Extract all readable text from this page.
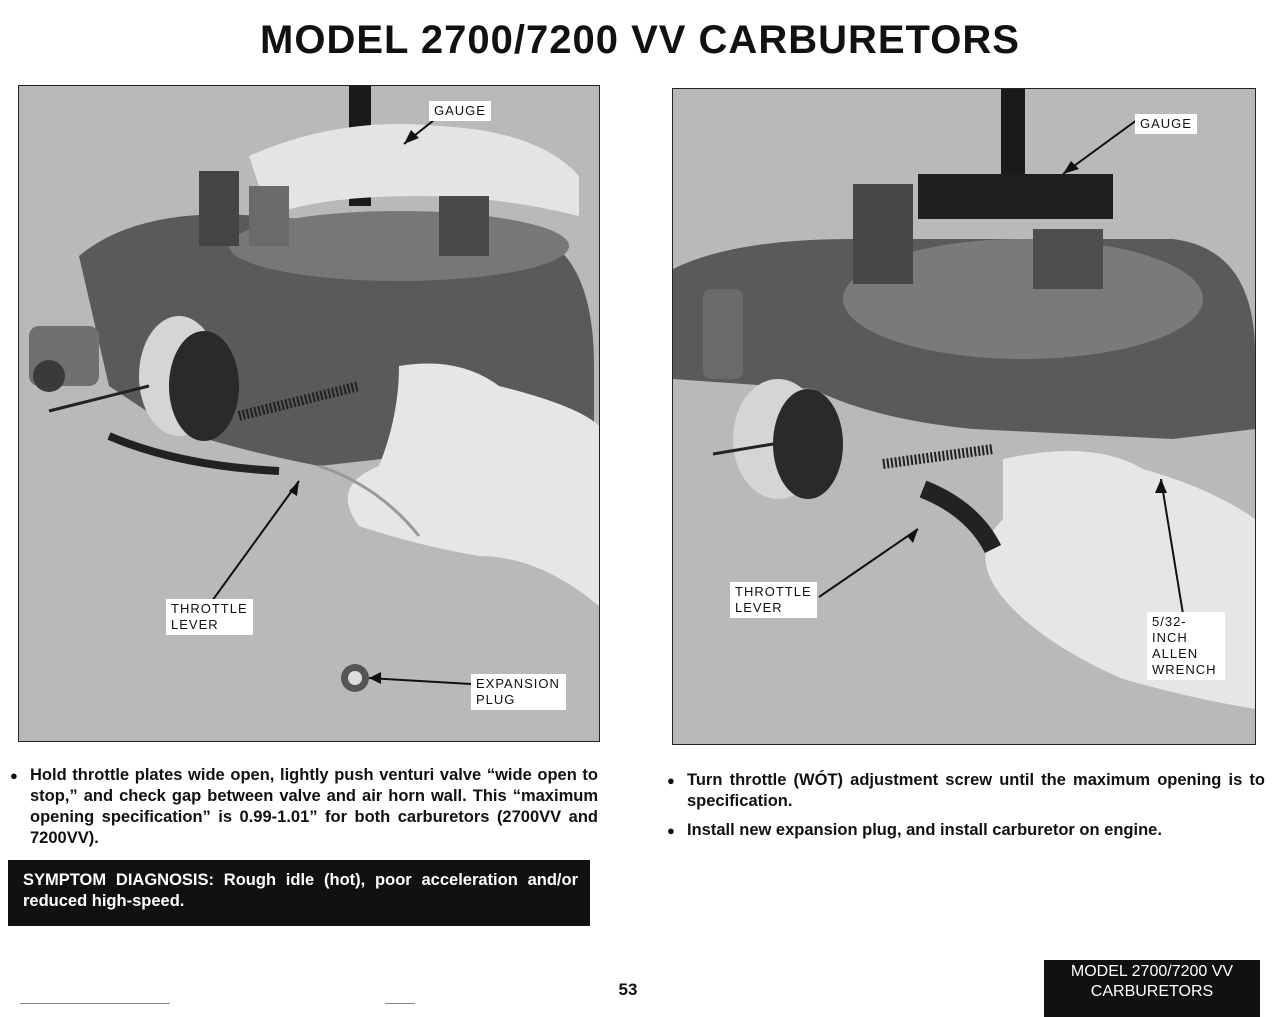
MODEL 2700/7200 VV CARBURETORS
GAUGE
THROTTLE
LEVER
EXPANSION
PLUG
GAUGE
THROTTLE
LEVER
5/32-INCH
ALLEN
WRENCH
● Hold throttle plates wide open, lightly push venturi valve “wide open to stop,” and check gap between valve and air horn wall. This “maximum opening specification” is 0.99-1.01” for both carburetors (2700VV and 7200VV).
SYMPTOM DIAGNOSIS: Rough idle (hot), poor acceleration and/or reduced high-speed.
● Turn throttle (WÓT) adjustment screw until the maximum opening is to specification.
● Install new expansion plug, and install carburetor on engine.
53
MODEL 2700/7200 VV
CARBURETORS
